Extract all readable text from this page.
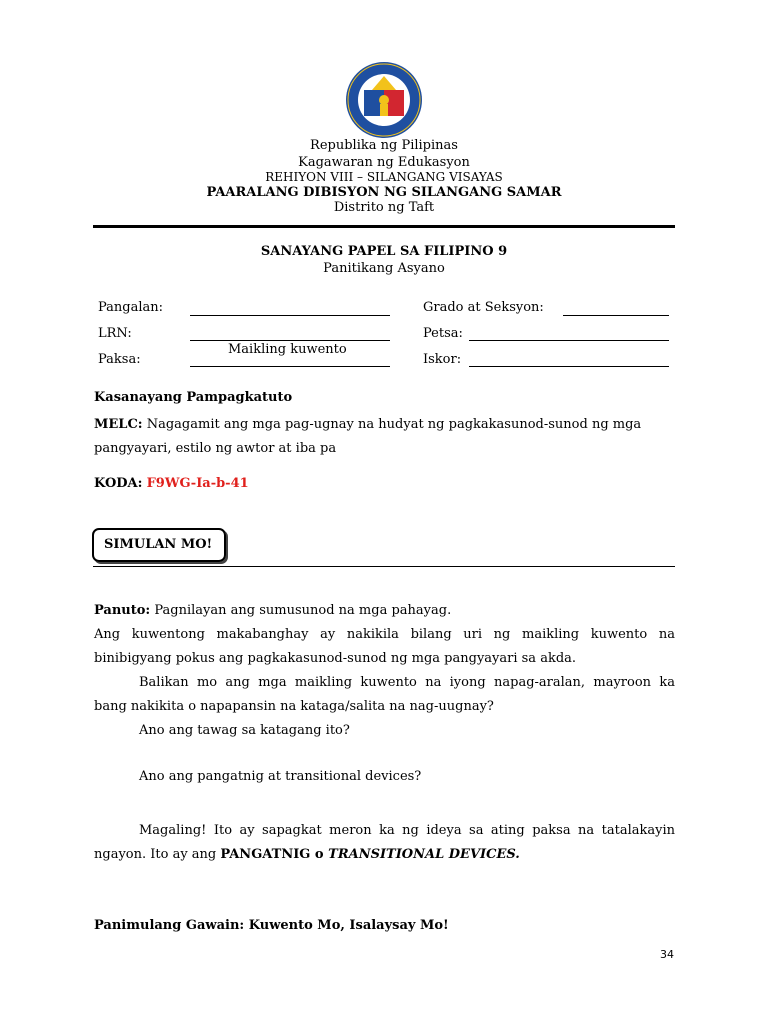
Republika ng Pilipinas
Kagawaran ng Edukasyon
REHIYON VIII – SILANGANG VISAYAS
PAARALANG DIBISYON NG SILANGANG SAMAR
Distrito ng Taft
SANAYANG PAPEL SA FILIPINO 9
Panitikang Asyano
Pangalan:
LRN:
Maikling kuwento
Paksa:
Grado at Seksyon:
Petsa:
Iskor:
Kasanayang Pampagkatuto
MELC: Nagagamit ang mga pag-ugnay na hudyat ng pagkakasunod-sunod ng mga
pangyayari, estilo ng awtor at iba pa
KODA: F9WG-Ia-b-41
SIMULAN MO!
Panuto: Pagnilayan ang sumusunod na mga pahayag.
Ang kuwentong makabanghay ay nakikila bilang uri ng maikling kuwento na
binibigyang pokus ang pagkakasunod-sunod ng mga pangyayari sa akda.
Balikan mo ang mga maikling kuwento na iyong napag-aralan, mayroon ka
bang nakikita o napapansin na kataga/salita na nag-uugnay?
Ano ang tawag sa katagang ito?
Ano ang pangatnig at transitional devices?
Magaling! Ito ay sapagkat meron ka ng ideya sa ating paksa na tatalakayin
ngayon. Ito ay ang PANGATNIG o TRANSITIONAL DEVICES.
Panimulang Gawain: Kuwento Mo, Isalaysay Mo!
34
